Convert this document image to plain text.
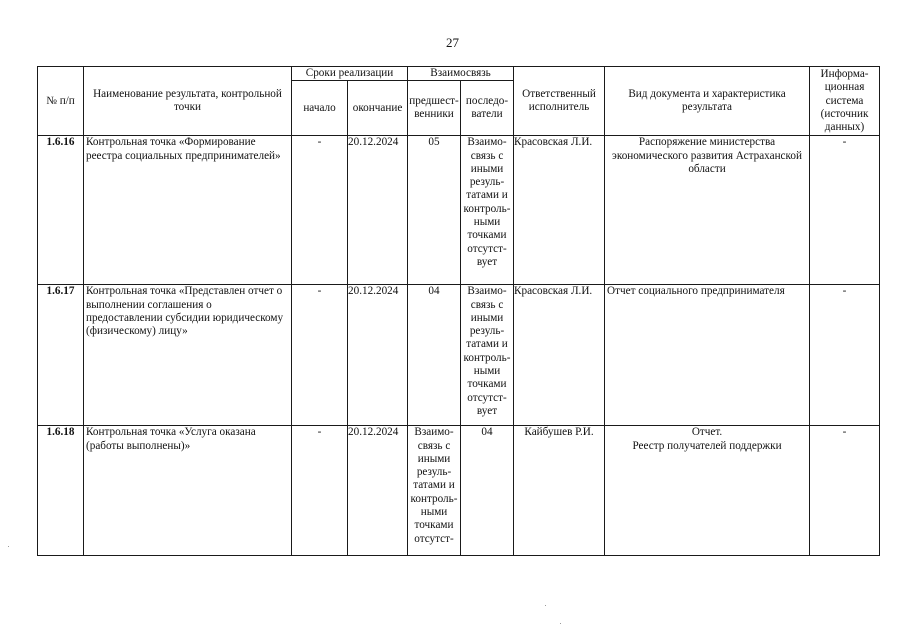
27
№ п/п	Наименование результата, контрольной точки	Сроки реализации		Взаимосвязь		Ответственный исполнитель	Вид документа и характеристика результата	Информа-ционная система (источник данных)
		начало	окончание	предшест-венники	последо-ватели			
1.6.16	Контрольная точка «Формирование реестра социальных предпринимателей»	-	20.12.2024	05	Взаимо-связь с иными резуль-татами и контроль-ными точками отсутст-вует	Красовская Л.И.	Распоряжение министерства экономического развития Астраханской области	-
1.6.17	Контрольная точка «Представлен отчет о выполнении соглашения о предоставлении субсидии юридическому (физическому) лицу»	-	20.12.2024	04	Взаимо-связь с иными резуль-татами и контроль-ными точками отсутст-вует	Красовская Л.И.	Отчет социального предпринимателя	-
1.6.18	Контрольная точка «Услуга оказана (работы выполнены)»	-	20.12.2024	Взаимо-связь с иными резуль-татами и контроль-ными точками отсутст-	04	Кайбушев Р.И.	Отчет.
Реестр получателей поддержки	-
